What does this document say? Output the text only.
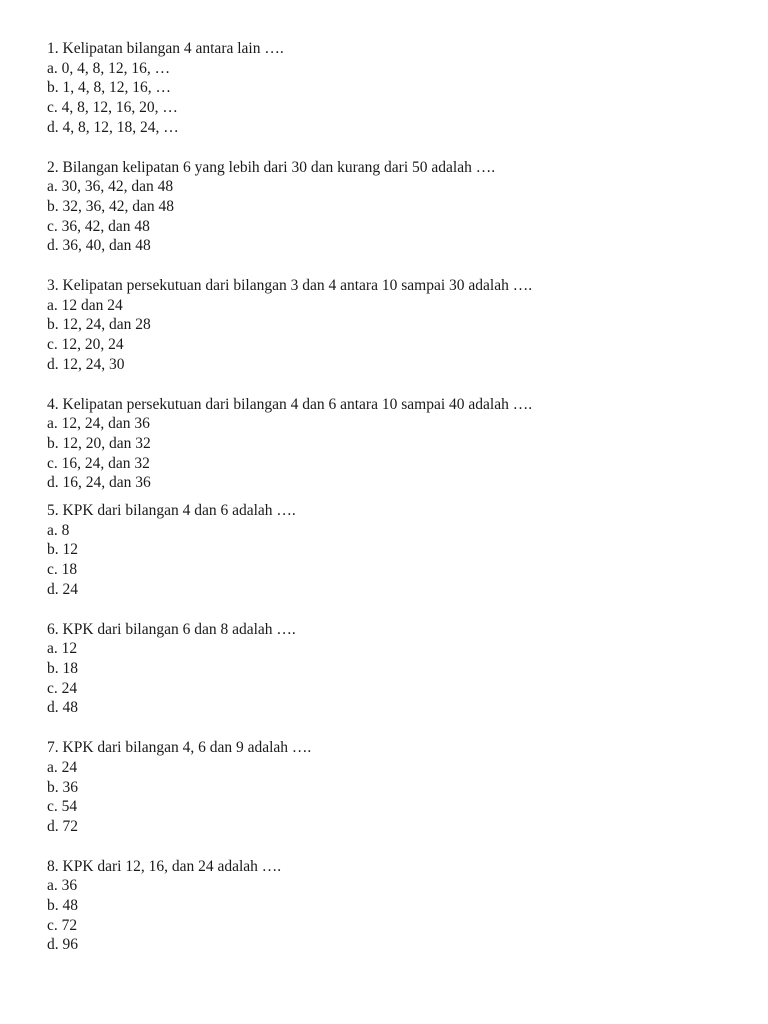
1. Kelipatan bilangan 4 antara lain ….
a. 0, 4, 8, 12, 16, …
b. 1, 4, 8, 12, 16, …
c. 4, 8, 12, 16, 20, …
d. 4, 8, 12, 18, 24, …
2. Bilangan kelipatan 6 yang lebih dari 30 dan kurang dari 50 adalah ….
a. 30, 36, 42, dan 48
b. 32, 36, 42, dan 48
c. 36, 42, dan 48
d. 36, 40, dan 48
3. Kelipatan persekutuan dari bilangan 3 dan 4 antara 10 sampai 30 adalah ….
a. 12 dan 24
b. 12, 24, dan 28
c. 12, 20, 24
d. 12, 24, 30
4. Kelipatan persekutuan dari bilangan 4 dan 6 antara 10 sampai 40 adalah ….
a. 12, 24, dan 36
b. 12, 20, dan 32
c. 16, 24, dan 32
d. 16, 24, dan 36
5. KPK dari bilangan 4 dan 6 adalah ….
a. 8
b. 12
c. 18
d. 24
6. KPK dari bilangan 6 dan 8 adalah ….
a. 12
b. 18
c. 24
d. 48
7. KPK dari bilangan 4, 6 dan 9 adalah ….
a. 24
b. 36
c. 54
d. 72
8. KPK dari 12, 16, dan 24 adalah ….
a. 36
b. 48
c. 72
d. 96
